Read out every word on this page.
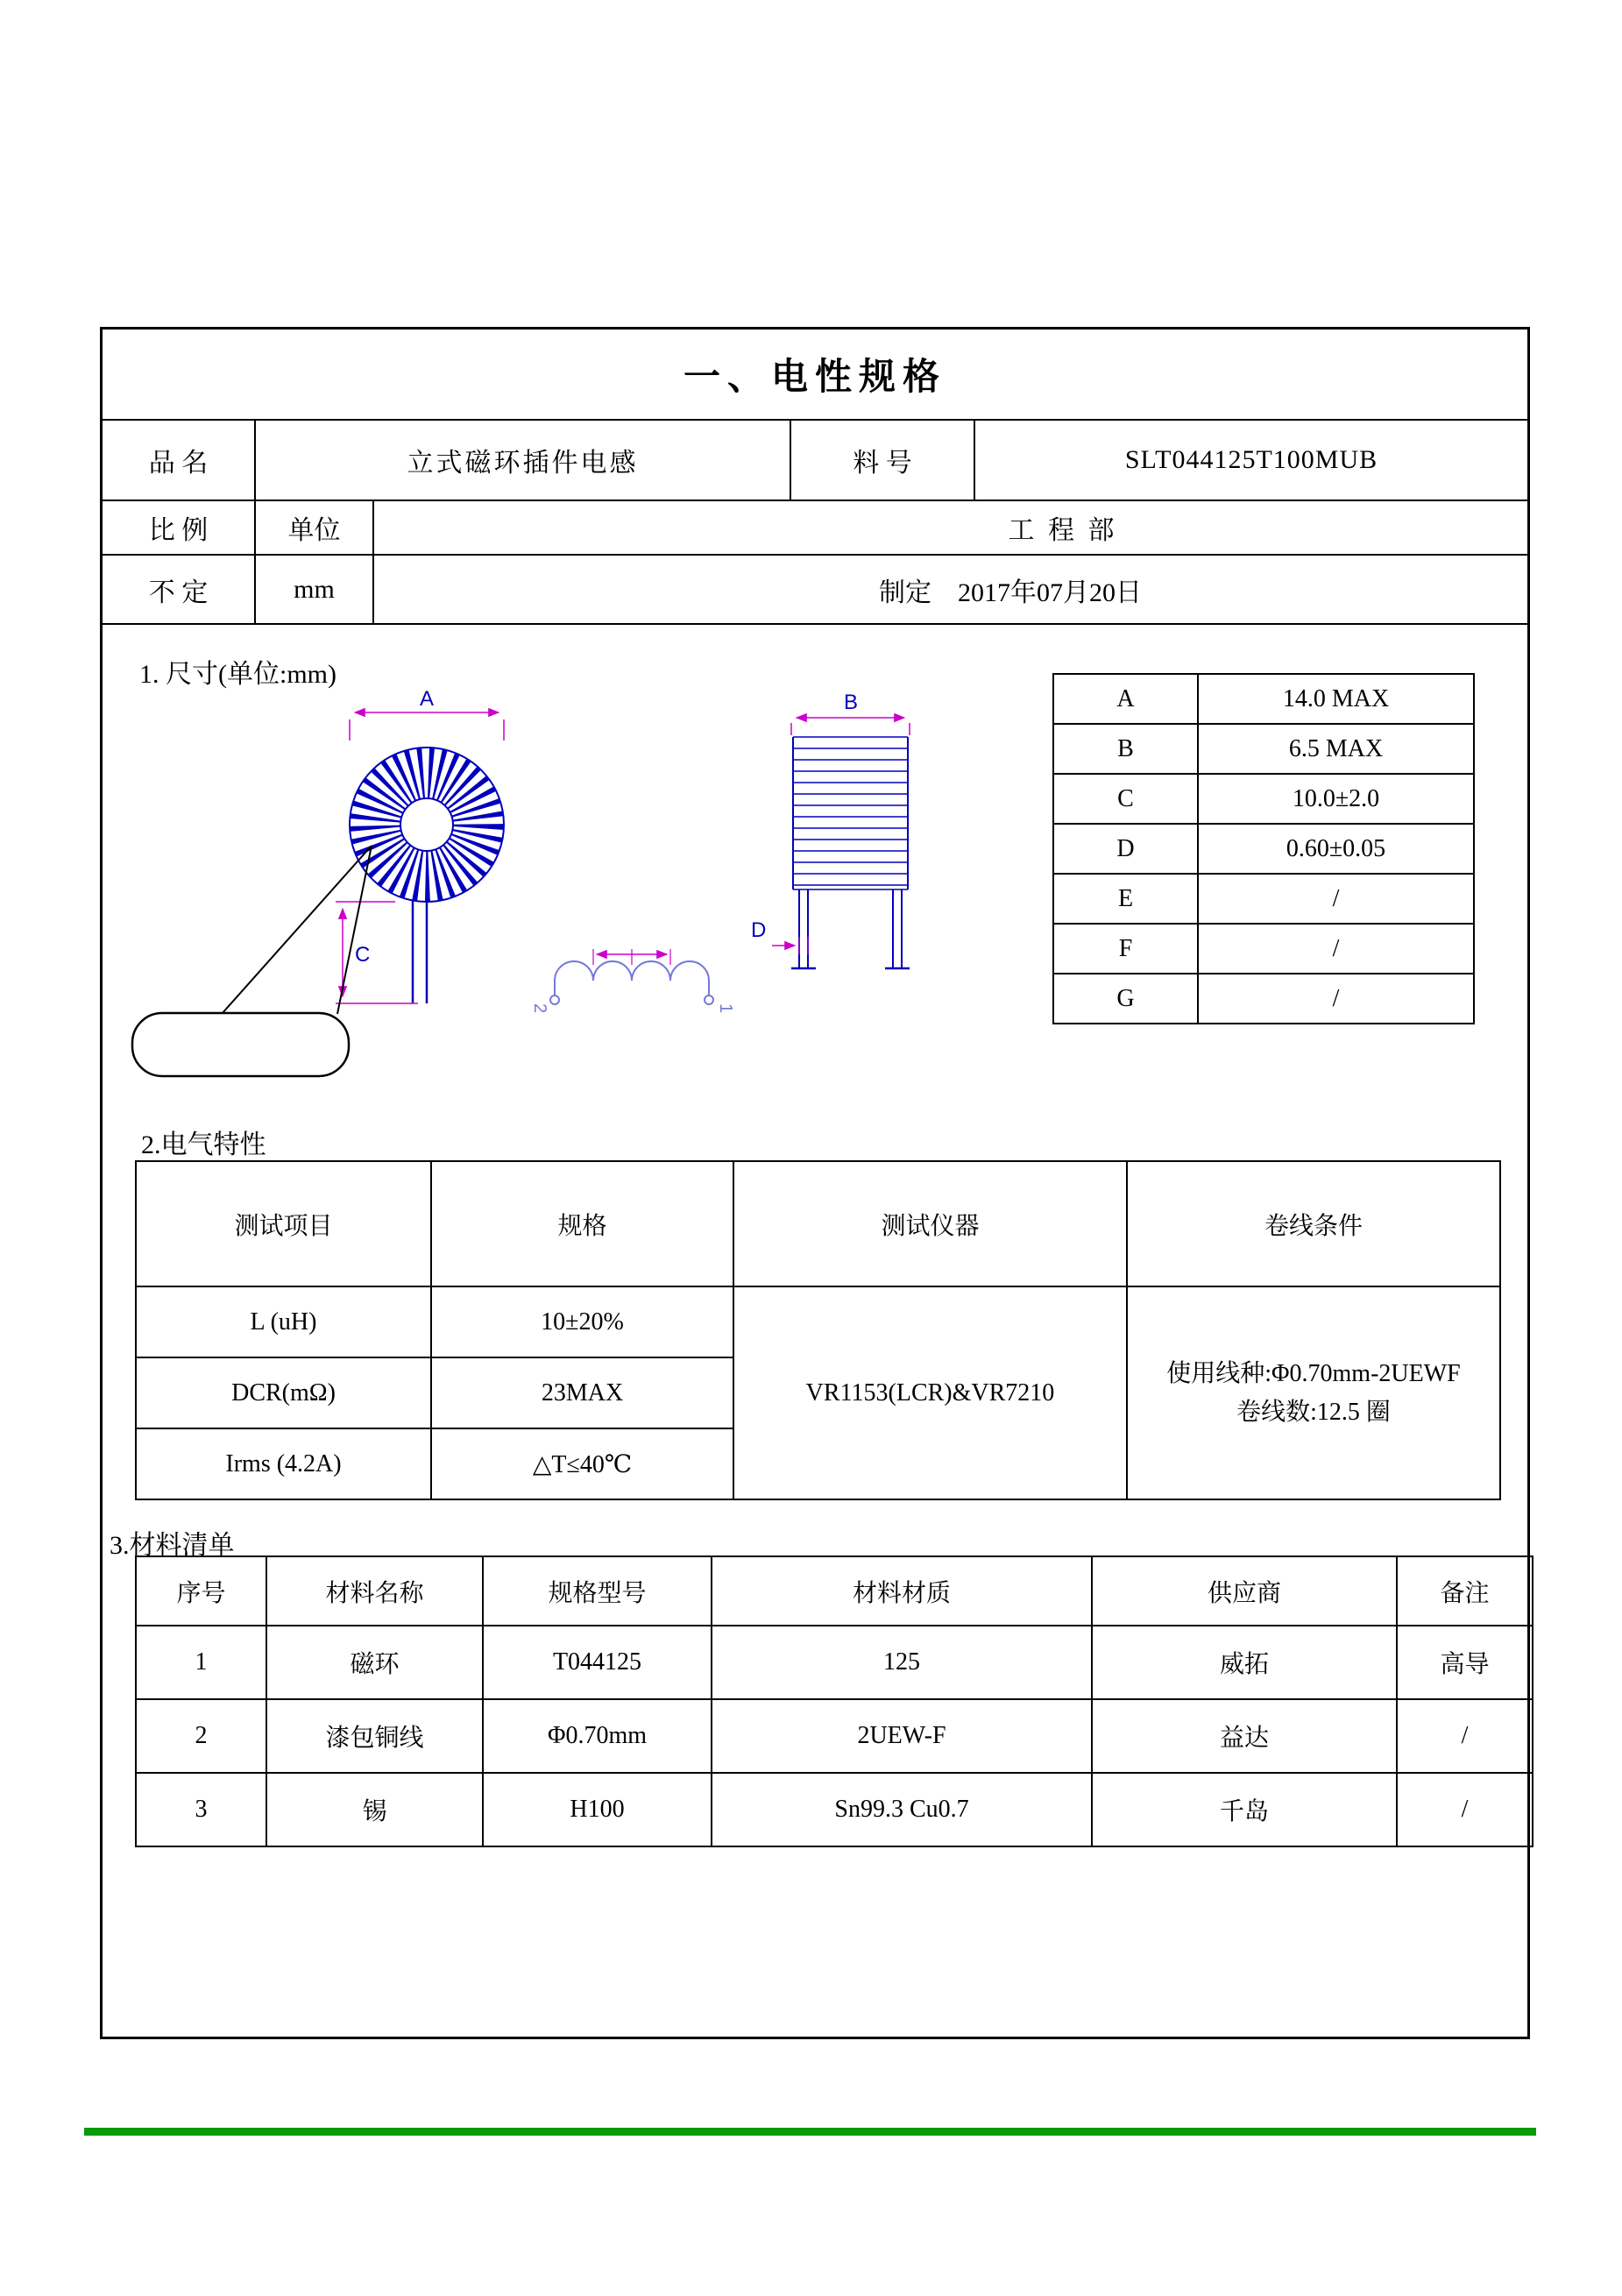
一、电性规格
品 名	立式磁环插件电感	料 号	SLT044125T100MUB
比 例	单位	工 程 部
不 定	mm	制定 2017年07月20日
1. 尺寸(单位:mm)
A
C
2	1
B
D
A	14.0 MAX
B	6.5 MAX
C	10.0±2.0
D	0.60±0.05
E	/
F	/
G	/
2.电气特性
测试项目	规格	测试仪器	卷线条件
L (uH)	10±20%	VR1153(LCR)&VR7210	使用线种:Φ0.70mm-2UEWF
卷线数:12.5 圈

DCR(mΩ)	23MAX		
Irms (4.2A)	△T≤40℃		
3.材料清单
序号	材料名称	规格型号	材料材质	供应商	备注
1	磁环	T044125	125	威拓	高导
2	漆包铜线	Φ0.70mm	2UEW-F	益达	/
3	锡	H100	Sn99.3 Cu0.7	千岛	/
